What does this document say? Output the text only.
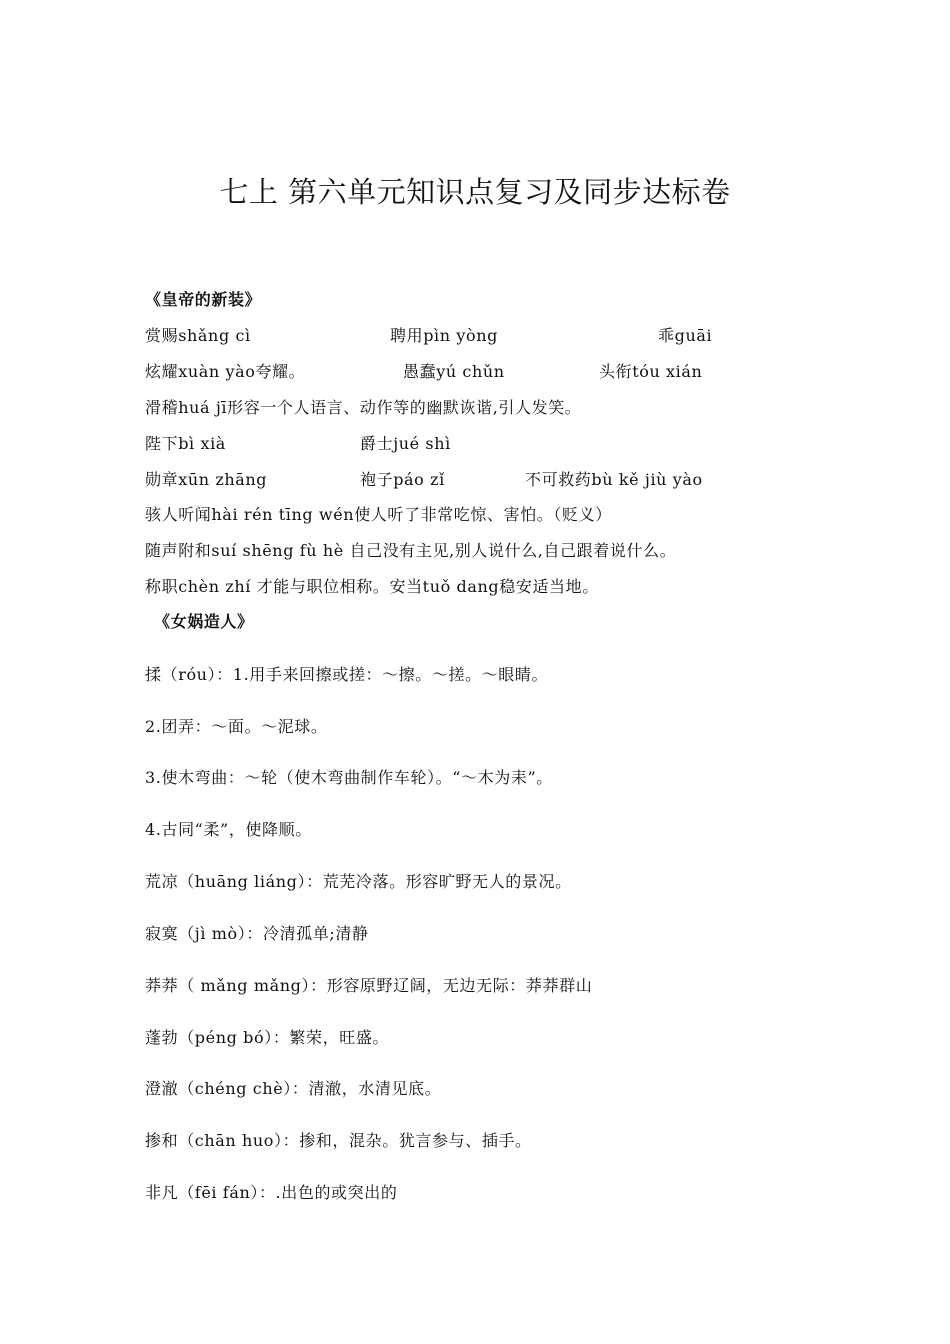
七上 第六单元知识点复习及同步达标卷
《皇帝的新装》
赏赐shǎng cì	聘用pìn yòng	乖guāi
炫耀xuàn yào夸耀。	愚蠢yú chǔn	头衔tóu xián
滑稽huá jī形容一个人语言、动作等的幽默诙谐,引人发笑。
陛下bì xià	爵士jué shì
勋章xūn zhāng	袍子páo zǐ	不可救药bù kě jiù yào
骇人听闻hài rén tīng wén使人听了非常吃惊、害怕。（贬义）
随声附和suí shēng fù hè 自己没有主见,别人说什么,自己跟着说什么。
称职chèn zhí 才能与职位相称。安当tuǒ dang稳安适当地。
《女娲造人》
揉（róu）：1.用手来回擦或搓：～擦。～搓。～眼睛。
2.团弄：～面。～泥球。
3.使木弯曲：～轮（使木弯曲制作车轮）。“～木为耒”。
4.古同“柔”，使降顺。
荒凉（huāng liáng）：荒芜冷落。形容旷野无人的景况。
寂寞（jì mò）：冷清孤单;清静
莽莽（ mǎng mǎng）：形容原野辽阔，无边无际：莽莽群山
蓬勃（péng bó）：繁荣，旺盛。
澄澈（chéng chè）：清澈，水清见底。
掺和（chān huo）：掺和，混杂。犹言参与、插手。
非凡（fēi fán）：.出色的或突出的
